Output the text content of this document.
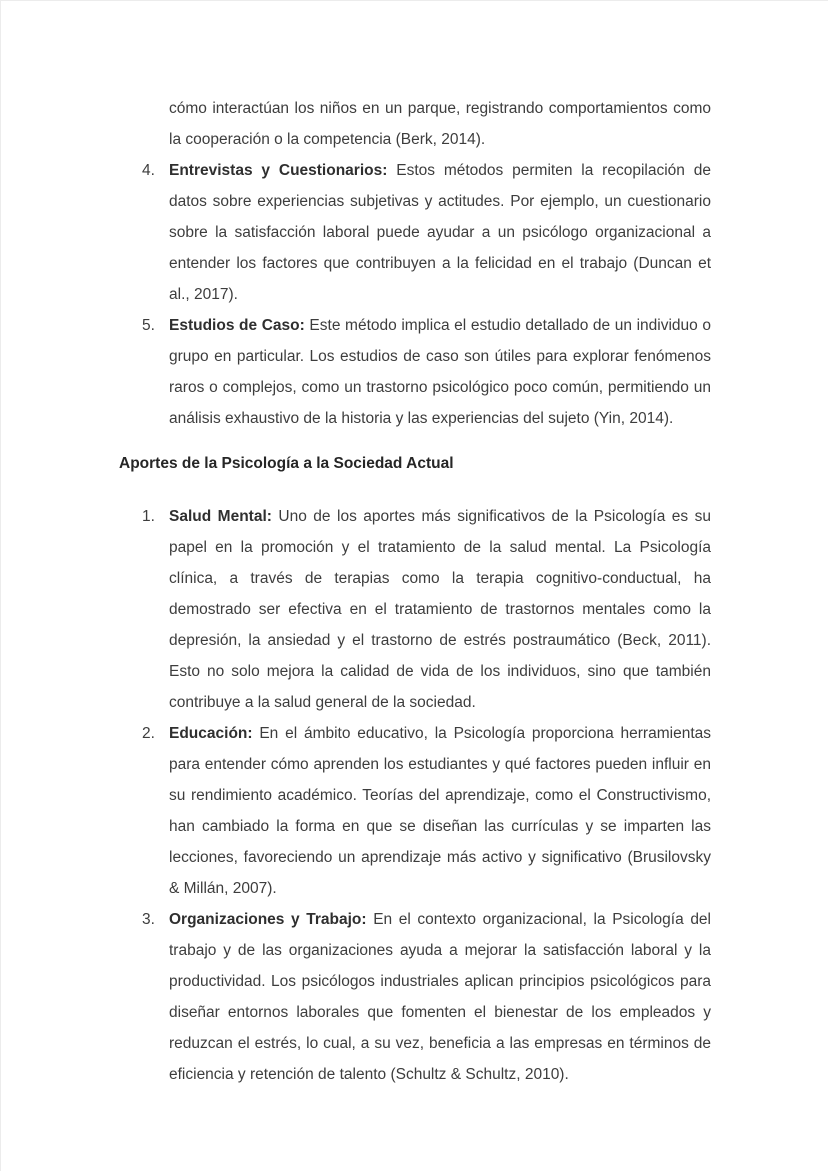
cómo interactúan los niños en un parque, registrando comportamientos como la cooperación o la competencia (Berk, 2014).

4. Entrevistas y Cuestionarios: Estos métodos permiten la recopilación de datos sobre experiencias subjetivas y actitudes. Por ejemplo, un cuestionario sobre la satisfacción laboral puede ayudar a un psicólogo organizacional a entender los factores que contribuyen a la felicidad en el trabajo (Duncan et al., 2017).
5. Estudios de Caso: Este método implica el estudio detallado de un individuo o grupo en particular. Los estudios de caso son útiles para explorar fenómenos raros o complejos, como un trastorno psicológico poco común, permitiendo un análisis exhaustivo de la historia y las experiencias del sujeto (Yin, 2014).
Aportes de la Psicología a la Sociedad Actual
1. Salud Mental: Uno de los aportes más significativos de la Psicología es su papel en la promoción y el tratamiento de la salud mental. La Psicología clínica, a través de terapias como la terapia cognitivo-conductual, ha demostrado ser efectiva en el tratamiento de trastornos mentales como la depresión, la ansiedad y el trastorno de estrés postraumático (Beck, 2011). Esto no solo mejora la calidad de vida de los individuos, sino que también contribuye a la salud general de la sociedad.
2. Educación: En el ámbito educativo, la Psicología proporciona herramientas para entender cómo aprenden los estudiantes y qué factores pueden influir en su rendimiento académico. Teorías del aprendizaje, como el Constructivismo, han cambiado la forma en que se diseñan las currículas y se imparten las lecciones, favoreciendo un aprendizaje más activo y significativo (Brusilovsky & Millán, 2007).
3. Organizaciones y Trabajo: En el contexto organizacional, la Psicología del trabajo y de las organizaciones ayuda a mejorar la satisfacción laboral y la productividad. Los psicólogos industriales aplican principios psicológicos para diseñar entornos laborales que fomenten el bienestar de los empleados y reduzcan el estrés, lo cual, a su vez, beneficia a las empresas en términos de eficiencia y retención de talento (Schultz & Schultz, 2010).
